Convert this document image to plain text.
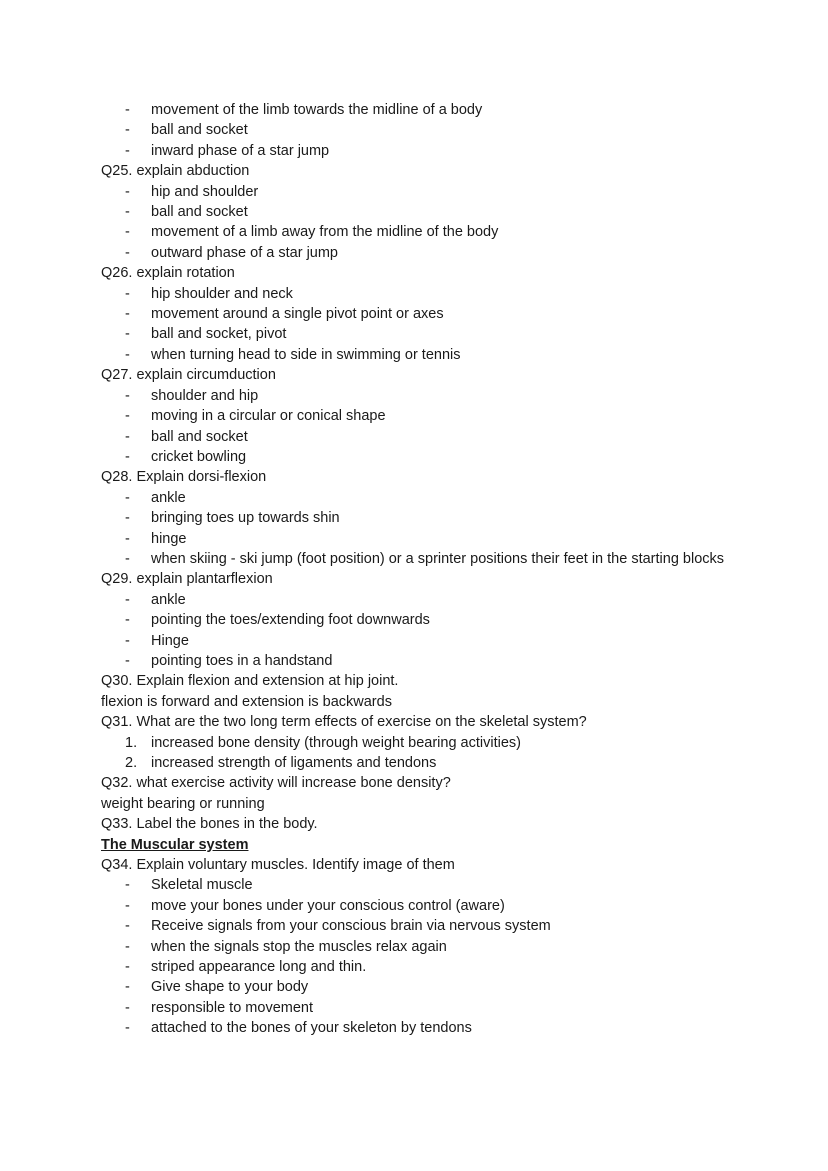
- movement of the limb towards the midline of a body
- ball and socket
- inward phase of a star jump
Q25. explain abduction
- hip and shoulder
- ball and socket
- movement of a limb away from the midline of the body
- outward phase of a star jump
Q26. explain rotation
- hip shoulder and neck
- movement around a single pivot point or axes
- ball and socket, pivot
- when turning head to side in swimming or tennis
Q27. explain circumduction
- shoulder and hip
- moving in a circular or conical shape
- ball and socket
- cricket bowling
Q28. Explain dorsi-flexion
- ankle
- bringing toes up towards shin
- hinge
- when skiing - ski jump (foot position) or a sprinter positions their feet in the starting blocks
Q29. explain plantarflexion
- ankle
- pointing the toes/extending foot downwards
- Hinge
- pointing toes in a handstand
Q30. Explain flexion and extension at hip joint.
flexion is forward and extension is backwards
Q31. What are the two long term effects of exercise on the skeletal system?
1. increased bone density (through weight bearing activities)
2. increased strength of ligaments and tendons
Q32. what exercise activity will increase bone density?
weight bearing or running
Q33. Label the bones in the body.
The Muscular system
Q34. Explain voluntary muscles. Identify image of them
- Skeletal muscle
- move your bones under your conscious control (aware)
- Receive signals from your conscious brain via nervous system
- when the signals stop the muscles relax again
- striped appearance long and thin.
- Give shape to your body
- responsible to movement
- attached to the bones of your skeleton by tendons
